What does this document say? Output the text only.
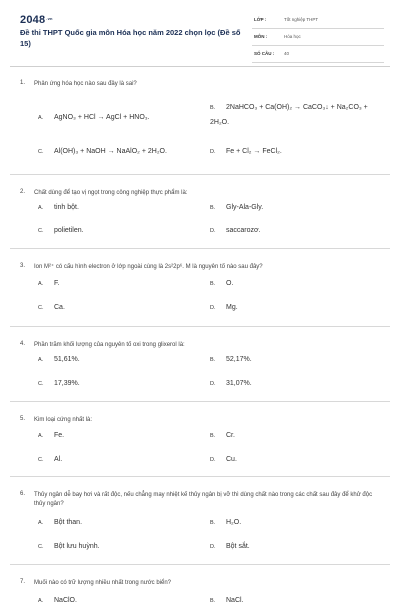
$2048^{.vn}$
Đề thi THPT Quốc gia môn Hóa học năm 2022 chọn lọc (Đề số 15)
LỚP :	Tốt nghiệp THPT
MÔN :	Hóa học
SỐ CÂU : 40
1. Phản ứng hóa học nào sau đây là sai?
A. AgNO₃ + HCl → AgCl + HNO₃.
B. 2NaHCO₃ + Ca(OH)₂ → CaCO₃↓ + Na₂CO₃ + 2H₂O.
C. Al(OH)₃ + NaOH → NaAlO₂ + 2H₂O.	D. Fe + Cl₂ → FeCl₂.
2. Chất dùng để tạo vị ngọt trong công nghiệp thực phẩm là:
A. tinh bột.	B. Gly-Ala-Gly.
C. polietilen.	D. saccarozơ.
3. Ion M²⁺ có cấu hình electron ở lớp ngoài cùng là 2s²2p⁶. M là nguyên tố nào sau đây?
A. F.	B. O.
C. Ca.	D. Mg.
4. Phần trăm khối lượng của nguyên tố oxi trong glixerol là:
A. 51,61%.	B. 52,17%.
C. 17,39%.	D. 31,07%.
5. Kim loại cứng nhất là:
A. Fe.	B. Cr.
C. Al.	D. Cu.
6. Thủy ngân dễ bay hơi và rất độc, nếu chẳng may nhiệt kế thủy ngân bị vỡ thì dùng chất nào trong các chất sau đây để khử độc thủy ngân?
A. Bột than.	B. H₂O.
C. Bột lưu huỳnh.	D. Bột sắt.
7. Muối nào có trữ lượng nhiều nhất trong nước biển?
A. NaClO.	B. NaCl.
